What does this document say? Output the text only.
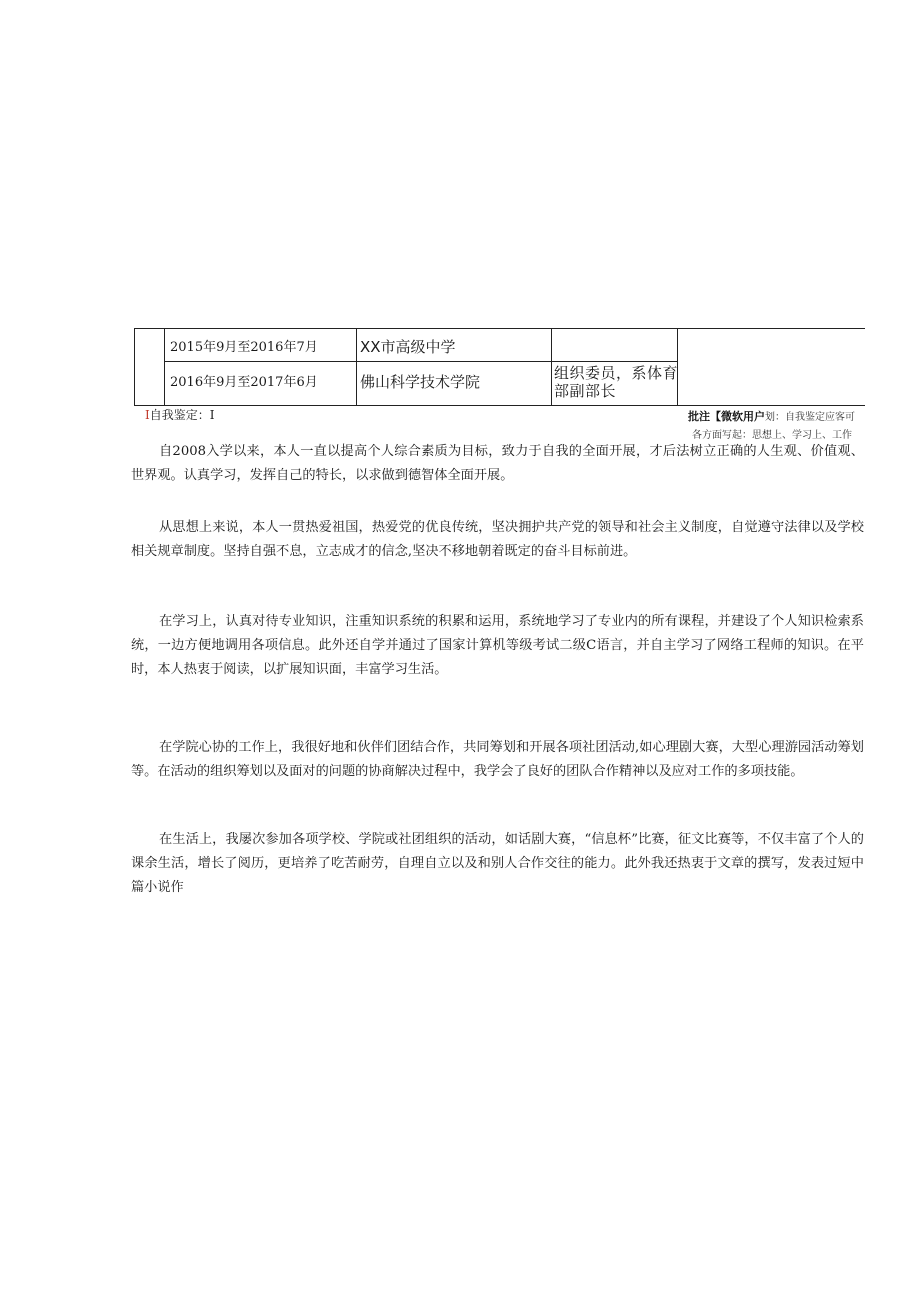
2015年9月至2016年7月	XX市高级中学
2016年9月至2017年6月	佛山科学技术学院	组织委员，系体育部副部长
I自我鉴定：I	批注【微软用户划：自我鉴定应客可
各方面写起：思想上、学习上、工作

自2008入学以来，本人一直以提高个人综合素质为目标，致力于自我的全面开展，才后法树立正确的人生观、价值观、世界观。认真学习，发挥自己的特长，以求做到德智体全面开展。

从思想上来说，本人一贯热爱祖国，热爱党的优良传统，坚决拥护共产党的领导和社会主义制度，自觉遵守法律以及学校相关规章制度。坚持自强不息，立志成才的信念,坚决不移地朝着既定的奋斗目标前进。

在学习上，认真对待专业知识，注重知识系统的积累和运用，系统地学习了专业内的所有课程，并建设了个人知识检索系统，一边方便地调用各项信息。此外还自学并通过了国家计算机等级考试二级C语言，并自主学习了网络工程师的知识。在平时，本人热衷于阅读，以扩展知识面，丰富学习生活。

在学院心协的工作上，我很好地和伙伴们团结合作，共同筹划和开展各项社团活动,如心理剧大赛，大型心理游园活动筹划等。在活动的组织筹划以及面对的问题的协商解决过程中，我学会了良好的团队合作精神以及应对工作的多项技能。

在生活上，我屡次参加各项学校、学院或社团组织的活动，如话剧大赛，“信息杯”比赛，征文比赛等，不仅丰富了个人的课余生活，增长了阅历，更培养了吃苦耐劳，自理自立以及和别人合作交往的能力。此外我还热衷于文章的撰写，发表过短中篇小说作
